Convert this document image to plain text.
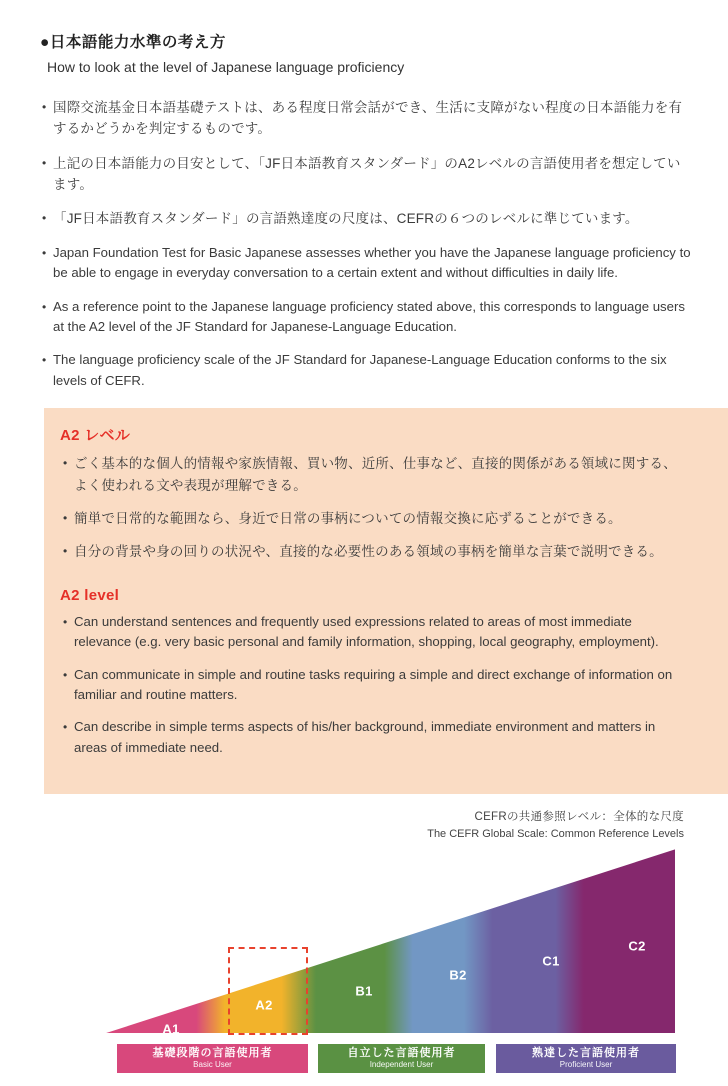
●日本語能力水準の考え方
How to look at the level of Japanese language proficiency
• 国際交流基金日本語基礎テストは、ある程度日常会話ができ、生活に支障がない程度の日本語能力を有するかどうかを判定するものです。
• 上記の日本語能力の目安として、「JF日本語教育スタンダード」のA2レベルの言語使用者を想定しています。
• 「JF日本語教育スタンダード」の言語熟達度の尺度は、CEFRの６つのレベルに準じています。
• Japan Foundation Test for Basic Japanese assesses whether you have the Japanese language proficiency to be able to engage in everyday conversation to a certain extent and without difficulties in daily life.
• As a reference point to the Japanese language proficiency stated above, this corresponds to language users at the A2 level of the JF Standard for Japanese-Language Education.
• The language proficiency scale of the JF Standard for Japanese-Language Education conforms to the six levels of CEFR.
A2 レベル
• ごく基本的な個人的情報や家族情報、買い物、近所、仕事など、直接的関係がある領域に関する、よく使われる文や表現が理解できる。
• 簡単で日常的な範囲なら、身近で日常の事柄についての情報交換に応ずることができる。
• 自分の背景や身の回りの状況や、直接的な必要性のある領域の事柄を簡単な言葉で説明できる。
A2 level
• Can understand sentences and frequently used expressions related to areas of most immediate relevance (e.g. very basic personal and family information, shopping, local geography, employment).
• Can communicate in simple and routine tasks requiring a simple and direct exchange of information on familiar and routine matters.
• Can describe in simple terms aspects of his/her background, immediate environment and matters in areas of immediate need.
CEFRの共通参照レベル：全体的な尺度
The CEFR Global Scale: Common Reference Levels
A1
A2
B1
B2
C1
C2
基礎段階の言語使用者
Basic User
自立した言語使用者
Independent User
熟達した言語使用者
Proficient User
